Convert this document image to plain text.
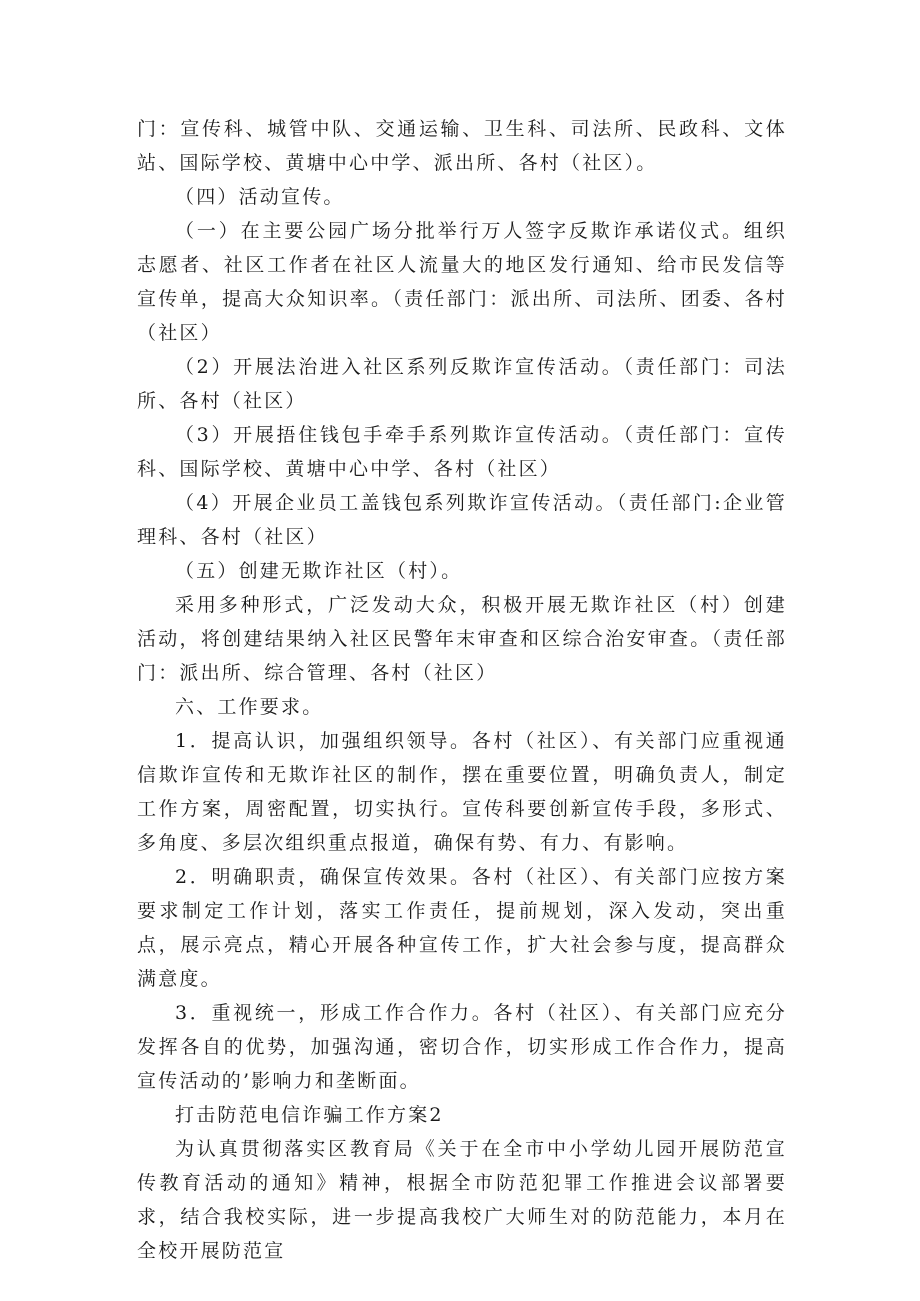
门：宣传科、城管中队、交通运输、卫生科、司法所、民政科、文体站、国际学校、黄塘中心中学、派出所、各村（社区）。

（四）活动宣传。

（一）在主要公园广场分批举行万人签字反欺诈承诺仪式。组织志愿者、社区工作者在社区人流量大的地区发行通知、给市民发信等宣传单，提高大众知识率。（责任部门：派出所、司法所、团委、各村（社区）

（2）开展法治进入社区系列反欺诈宣传活动。（责任部门：司法所、各村（社区）

（3）开展捂住钱包手牵手系列欺诈宣传活动。（责任部门：宣传科、国际学校、黄塘中心中学、各村（社区）

（4）开展企业员工盖钱包系列欺诈宣传活动。（责任部门:企业管理科、各村（社区）

（五）创建无欺诈社区（村）。

采用多种形式，广泛发动大众，积极开展无欺诈社区（村）创建活动，将创建结果纳入社区民警年末审查和区综合治安审查。（责任部门：派出所、综合管理、各村（社区）

六、工作要求。

1．提高认识，加强组织领导。各村（社区）、有关部门应重视通信欺诈宣传和无欺诈社区的制作，摆在重要位置，明确负责人，制定工作方案，周密配置，切实执行。宣传科要创新宣传手段，多形式、多角度、多层次组织重点报道，确保有势、有力、有影响。

2．明确职责，确保宣传效果。各村（社区）、有关部门应按方案要求制定工作计划，落实工作责任，提前规划，深入发动，突出重点，展示亮点，精心开展各种宣传工作，扩大社会参与度，提高群众满意度。

3．重视统一，形成工作合作力。各村（社区）、有关部门应充分发挥各自的优势，加强沟通，密切合作，切实形成工作合作力，提高宣传活动的’影响力和垄断面。

打击防范电信诈骗工作方案2

为认真贯彻落实区教育局《关于在全市中小学幼儿园开展防范宣传教育活动的通知》精神，根据全市防范犯罪工作推进会议部署要求，结合我校实际，进一步提高我校广大师生对的防范能力，本月在全校开展防范宣
